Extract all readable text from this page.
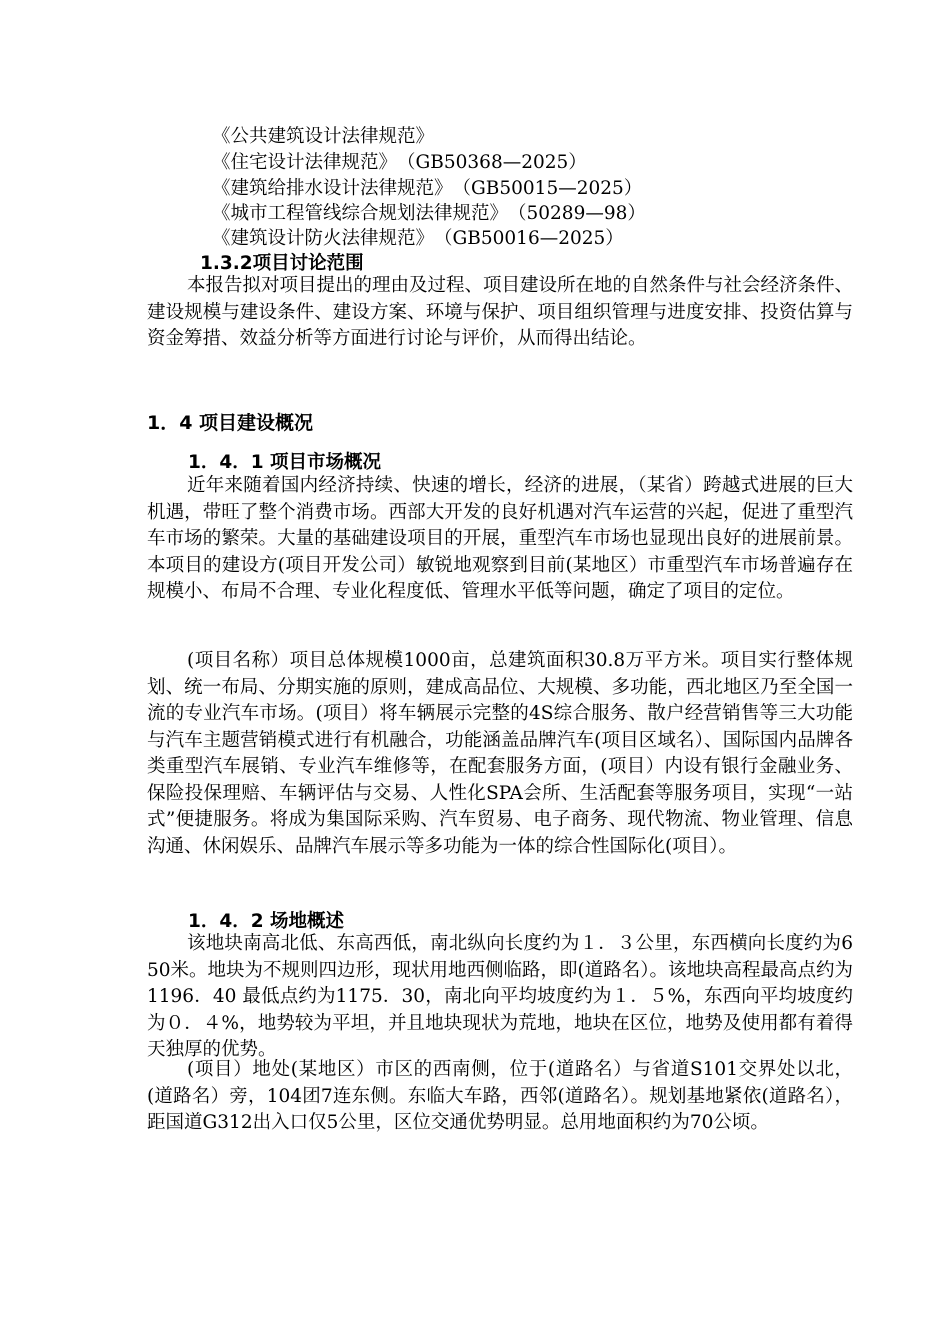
《公共建筑设计法律规范》
《住宅设计法律规范》　（GB50368—2025）
《建筑给排水设计法律规范》　（GB50015—2025）
《城市工程管线综合规划法律规范》　（50289—98）
《建筑设计防火法律规范》　（GB50016—2025）
1.3.2项目讨论范围

本报告拟对项目提出的理由及过程、项目建设所在地的自然条件与社会经济条件、建设规模与建设条件、建设方案、环境与保护、项目组织管理与进度安排、投资估算与资金筹措、效益分析等方面进行讨论与评价，从而得出结论。

1．4 项目建设概况
1．4．1 项目市场概况

近年来随着国内经济持续、快速的增长，经济的进展，（某省）跨越式进展的巨大机遇，带旺了整个消费市场。西部大开发的良好机遇对汽车运营的兴起，促进了重型汽车市场的繁荣。大量的基础建设项目的开展，重型汽车市场也显现出良好的进展前景。本项目的建设方(项目开发公司）敏锐地观察到目前(某地区）市重型汽车市场普遍存在规模小、布局不合理、专业化程度低、管理水平低等问题，确定了项目的定位。

(项目名称）项目总体规模1000亩，总建筑面积30.8万平方米。项目实行整体规划、统一布局、分期实施的原则，建成高品位、大规模、多功能，西北地区乃至全国一流的专业汽车市场。(项目）将车辆展示完整的4S综合服务、散户经营销售等三大功能与汽车主题营销模式进行有机融合，功能涵盖品牌汽车(项目区域名）、国际国内品牌各类重型汽车展销、专业汽车维修等，在配套服务方面，(项目）内设有银行金融业务、保险投保理赔、车辆评估与交易、人性化SPA会所、生活配套等服务项目，实现“一站式”便捷服务。将成为集国际采购、汽车贸易、电子商务、现代物流、物业管理、信息沟通、休闲娱乐、品牌汽车展示等多功能为一体的综合性国际化(项目）。

1．4．2 场地概述

该地块南高北低、东高西低，南北纵向长度约为１．３公里，东西横向长度约为650米。地块为不规则四边形，现状用地西侧临路，即(道路名）。该地块高程最高点约为1196．40 最低点约为1175．30，南北向平均坡度约为１．５%，东西向平均坡度约为０．４%，地势较为平坦，并且地块现状为荒地，地块在区位，地势及使用都有着得天独厚的优势。

(项目）地处(某地区）市区的西南侧，位于(道路名）与省道S101交界处以北，(道路名）旁，104团7连东侧。东临大车路，西邻(道路名）。规划基地紧依(道路名），距国道G312出入口仅5公里，区位交通优势明显。总用地面积约为70公顷。
